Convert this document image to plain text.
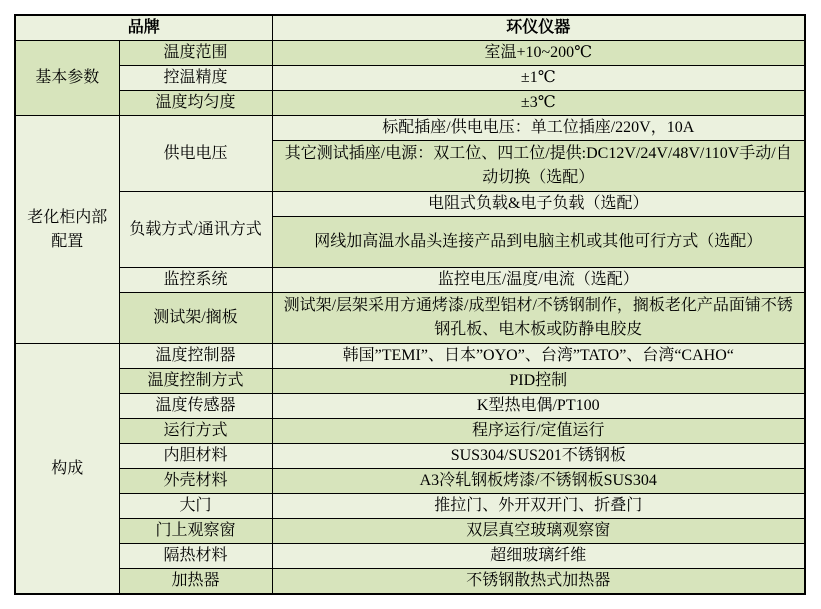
品牌		环仪仪器
基本参数	温度范围	室温+10~200℃
	控温精度	±1℃
	温度均匀度	±3℃
老化柜内部配置	供电电压	标配插座/供电电压：单工位插座/220V，10A
		其它测试插座/电源：双工位、四工位/提供:DC12V/24V/48V/110V手动/自动切换（选配）
	负载方式/通讯方式	电阻式负载&电子负载（选配）
		网线加高温水晶头连接产品到电脑主机或其他可行方式（选配）
	监控系统	监控电压/温度/电流（选配）
	测试架/搁板	测试架/层架采用方通烤漆/成型铝材/不锈钢制作，搁板老化产品面铺不锈钢孔板、电木板或防静电胶皮
构成	温度控制器	韩国”TEMI”、日本”OYO”、台湾”TATO”、台湾“CAHO“
	温度控制方式	PID控制
	温度传感器	K型热电偶/PT100
	运行方式	程序运行/定值运行
	内胆材料	SUS304/SUS201不锈钢板
	外壳材料	A3冷轧钢板烤漆/不锈钢板SUS304
	大门	推拉门、外开双开门、折叠门
	门上观察窗	双层真空玻璃观察窗
	隔热材料	超细玻璃纤维
	加热器	不锈钢散热式加热器
